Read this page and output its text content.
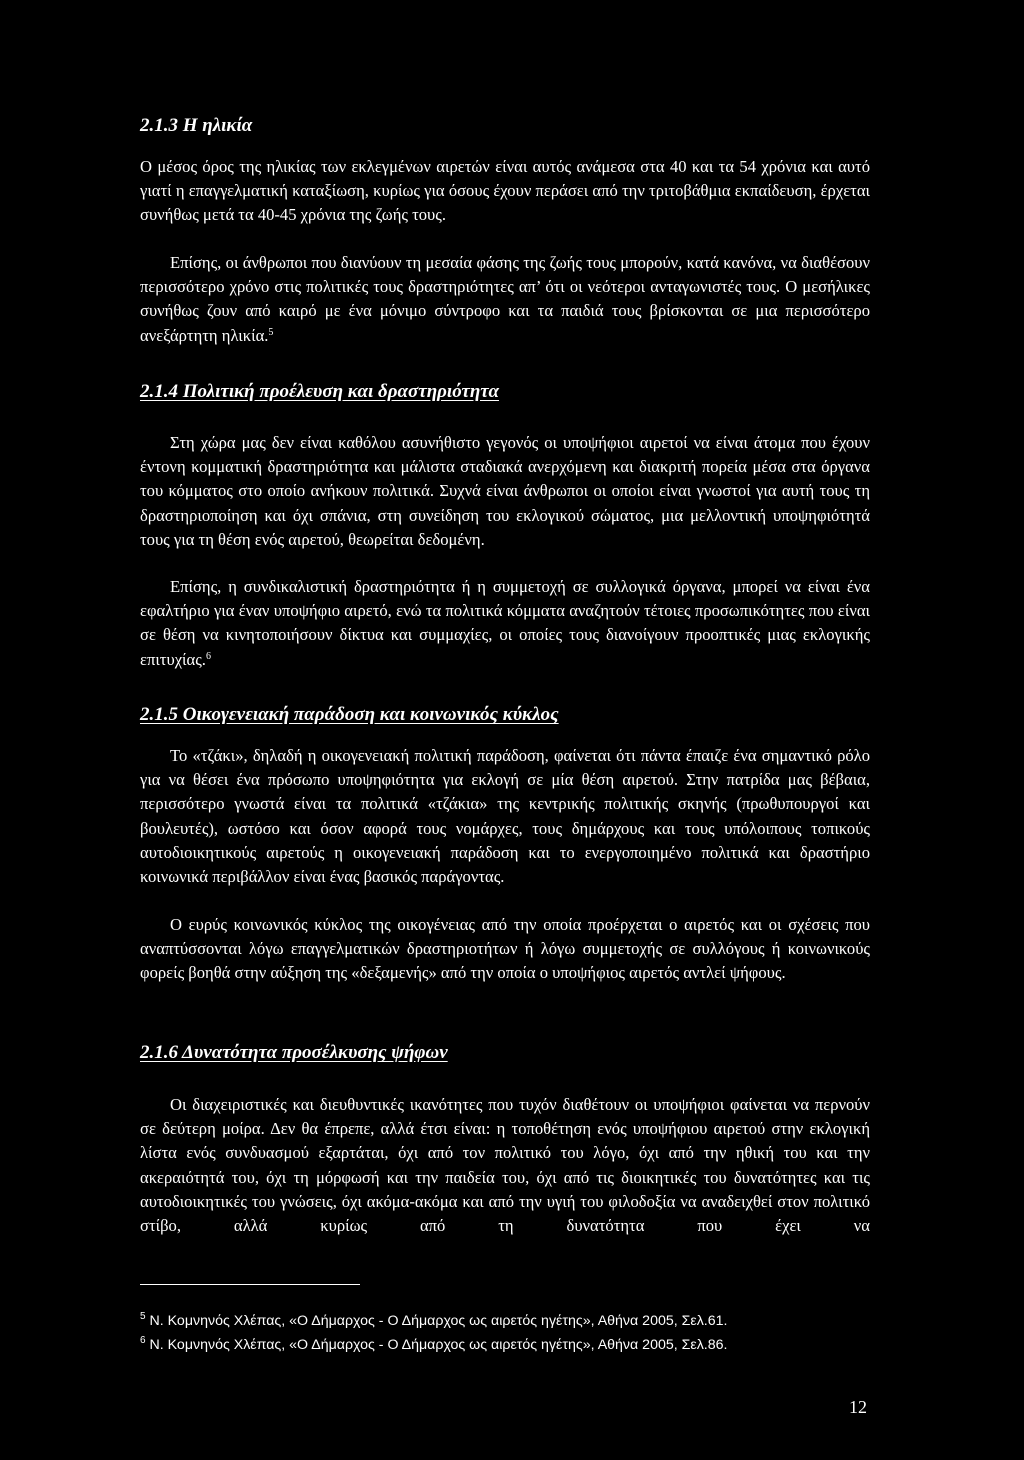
2.1.3 Η ηλικία

Ο μέσος όρος της ηλικίας των εκλεγμένων αιρετών είναι αυτός ανάμεσα στα 40 και τα 54 χρόνια και αυτό γιατί η επαγγελματική καταξίωση, κυρίως για όσους έχουν περάσει από την τριτοβάθμια εκπαίδευση, έρχεται συνήθως μετά τα 40-45 χρόνια της ζωής τους.

Επίσης, οι άνθρωποι που διανύουν τη μεσαία φάσης της ζωής τους μπορούν, κατά κανόνα, να διαθέσουν περισσότερο χρόνο στις πολιτικές τους δραστηριότητες απ’ ότι οι νεότεροι ανταγωνιστές τους. Ο μεσήλικες συνήθως ζουν από καιρό με ένα μόνιμο σύντροφο και τα παιδιά τους βρίσκονται σε μια περισσότερο ανεξάρτητη ηλικία.$^5$

2.1.4 Πολιτική προέλευση και δραστηριότητα

Στη χώρα μας δεν είναι καθόλου ασυνήθιστο γεγονός οι υποψήφιοι αιρετοί να είναι άτομα που έχουν έντονη κομματική δραστηριότητα και μάλιστα σταδιακά ανερχόμενη και διακριτή πορεία μέσα στα όργανα του κόμματος στο οποίο ανήκουν πολιτικά. Συχνά είναι άνθρωποι οι οποίοι είναι γνωστοί για αυτή τους τη δραστηριοποίηση και όχι σπάνια, στη συνείδηση του εκλογικού σώματος, μια μελλοντική υποψηφιότητά τους για τη θέση ενός αιρετού, θεωρείται δεδομένη.

Επίσης, η συνδικαλιστική δραστηριότητα ή η συμμετοχή σε συλλογικά όργανα, μπορεί να είναι ένα εφαλτήριο για έναν υποψήφιο αιρετό, ενώ τα πολιτικά κόμματα αναζητούν τέτοιες προσωπικότητες που είναι σε θέση να κινητοποιήσουν δίκτυα και συμμαχίες, οι οποίες τους διανοίγουν προοπτικές μιας εκλογικής επιτυχίας.$^6$

2.1.5 Οικογενειακή παράδοση και κοινωνικός κύκλος

Το «τζάκι», δηλαδή η οικογενειακή πολιτική παράδοση, φαίνεται ότι πάντα έπαιζε ένα σημαντικό ρόλο για να θέσει ένα πρόσωπο υποψηφιότητα για εκλογή σε μία θέση αιρετού. Στην πατρίδα μας βέβαια, περισσότερο γνωστά είναι τα πολιτικά «τζάκια» της κεντρικής πολιτικής σκηνής (πρωθυπουργοί και βουλευτές), ωστόσο και όσον αφορά τους νομάρχες, τους δημάρχους και τους υπόλοιπους τοπικούς αυτοδιοικητικούς αιρετούς η οικογενειακή παράδοση και το ενεργοποιημένο πολιτικά και δραστήριο κοινωνικά περιβάλλον είναι ένας βασικός παράγοντας.

Ο ευρύς κοινωνικός κύκλος της οικογένειας από την οποία προέρχεται ο αιρετός και οι σχέσεις που αναπτύσσονται λόγω επαγγελματικών δραστηριοτήτων ή λόγω συμμετοχής σε συλλόγους ή κοινωνικούς φορείς βοηθά στην αύξηση της «δεξαμενής» από την οποία ο υποψήφιος αιρετός αντλεί ψήφους.

2.1.6 Δυνατότητα προσέλκυσης ψήφων

Οι διαχειριστικές και διευθυντικές ικανότητες που τυχόν διαθέτουν οι υποψήφιοι φαίνεται να περνούν σε δεύτερη μοίρα. Δεν θα έπρεπε, αλλά έτσι είναι: η τοποθέτηση ενός υποψήφιου αιρετού στην εκλογική λίστα ενός συνδυασμού εξαρτάται, όχι από τον πολιτικό του λόγο, όχι από την ηθική του και την ακεραιότητά του, όχι τη μόρφωσή και την παιδεία του, όχι από τις διοικητικές του δυνατότητες και τις αυτοδιοικητικές του γνώσεις, όχι ακόμα-ακόμα και από την υγιή του φιλοδοξία να αναδειχθεί στον πολιτικό στίβο, αλλά κυρίως από τη δυνατότητα που έχει να

$^5$ Ν. Κομνηνός Χλέπας, «Ο Δήμαρχος - Ο Δήμαρχος ως αιρετός ηγέτης», Αθήνα 2005, Σελ.61.
$^6$ Ν. Κομνηνός Χλέπας, «Ο Δήμαρχος - Ο Δήμαρχος ως αιρετός ηγέτης», Αθήνα 2005, Σελ.86.
12
